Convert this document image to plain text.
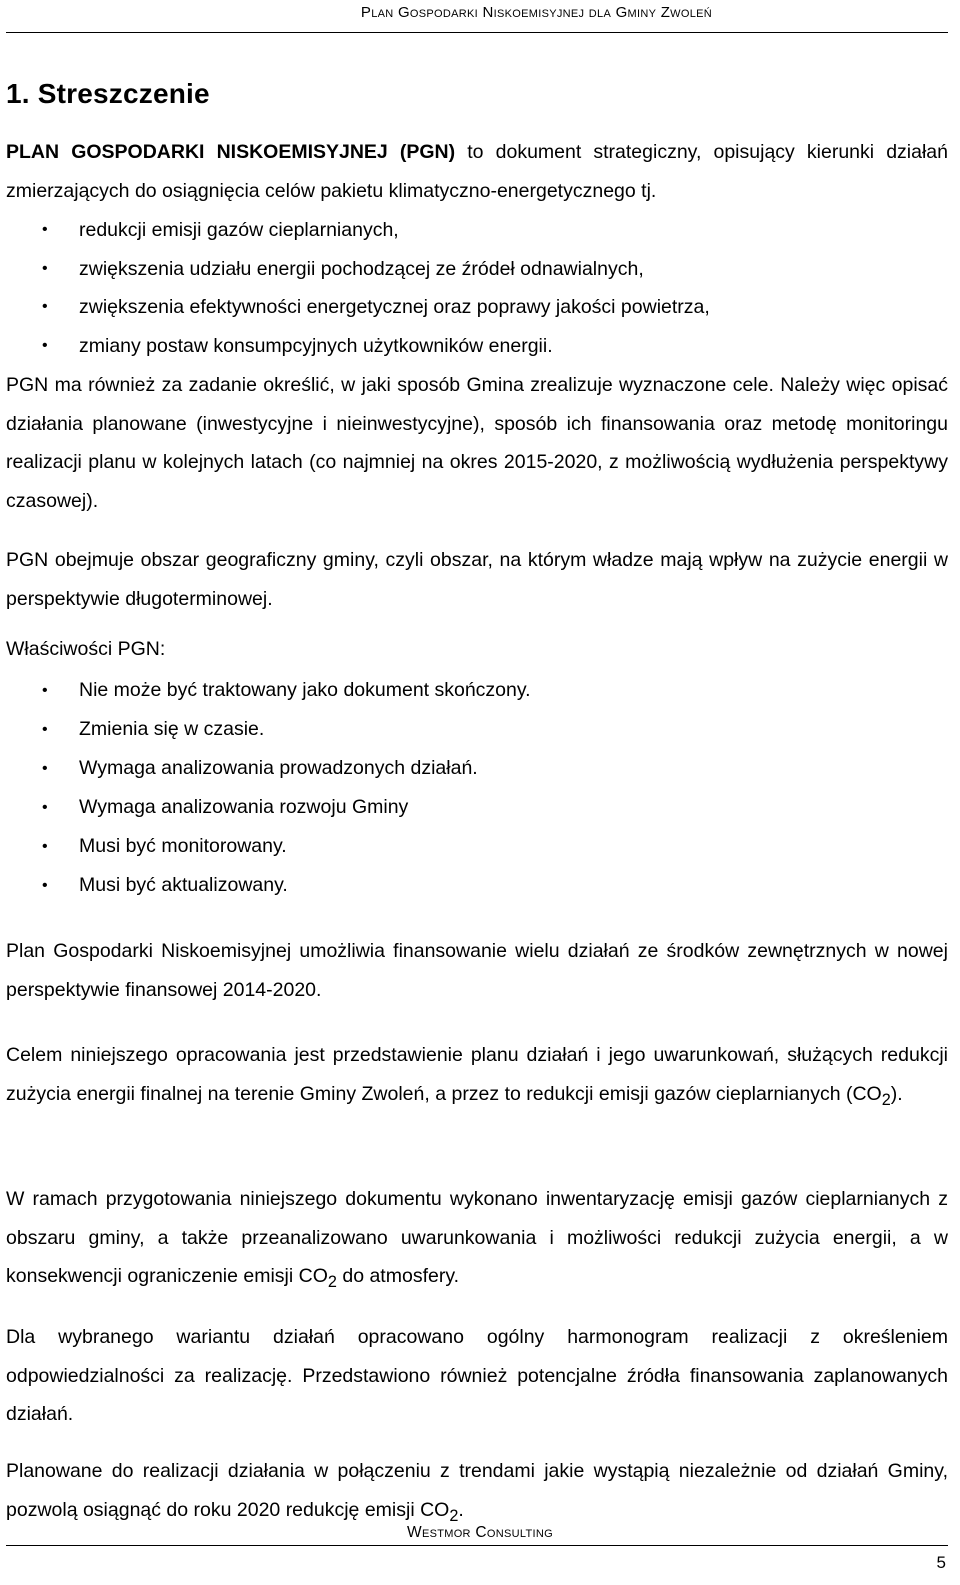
Plan Gospodarki Niskoemisyjnej dla Gminy Zwoleń
1. Streszczenie

PLAN GOSPODARKI NISKOEMISYJNEJ (PGN) to dokument strategiczny, opisujący kierunki działań zmierzających do osiągnięcia celów pakietu klimatyczno-energetycznego tj.

• redukcji emisji gazów cieplarnianych,
• zwiększenia udziału energii pochodzącej ze źródeł odnawialnych,
• zwiększenia efektywności energetycznej oraz poprawy jakości powietrza,
• zmiany postaw konsumpcyjnych użytkowników energii.

PGN ma również za zadanie określić, w jaki sposób Gmina zrealizuje wyznaczone cele. Należy więc opisać działania planowane (inwestycyjne i nieinwestycyjne), sposób ich finansowania oraz metodę monitoringu realizacji planu w kolejnych latach (co najmniej na okres 2015-2020, z możliwością wydłużenia perspektywy czasowej).

PGN obejmuje obszar geograficzny gminy, czyli obszar, na którym władze mają wpływ na zużycie energii w perspektywie długoterminowej.

Właściwości PGN:

• Nie może być traktowany jako dokument skończony.
• Zmienia się w czasie.
• Wymaga analizowania prowadzonych działań.
• Wymaga analizowania rozwoju Gminy
• Musi być monitorowany.
• Musi być aktualizowany.

Plan Gospodarki Niskoemisyjnej umożliwia finansowanie wielu działań ze środków zewnętrznych w nowej perspektywie finansowej 2014-2020.

Celem niniejszego opracowania jest przedstawienie planu działań i jego uwarunkowań, służących redukcji zużycia energii finalnej na terenie Gminy Zwoleń, a przez to redukcji emisji gazów cieplarnianych $(CO_2)$.

W ramach przygotowania niniejszego dokumentu wykonano inwentaryzację emisji gazów cieplarnianych z obszaru gminy, a także przeanalizowano uwarunkowania i możliwości redukcji zużycia energii, a w konsekwencji ograniczenie emisji $CO_2$ do atmosfery.

Dla wybranego wariantu działań opracowano ogólny harmonogram realizacji z określeniem odpowiedzialności za realizację. Przedstawiono również potencjalne źródła finansowania zaplanowanych działań.

Planowane do realizacji działania w połączeniu z trendami jakie wystąpią niezależnie od działań Gminy, pozwolą osiągnąć do roku 2020 redukcję emisji $CO_2$.

Westmor Consulting
5
